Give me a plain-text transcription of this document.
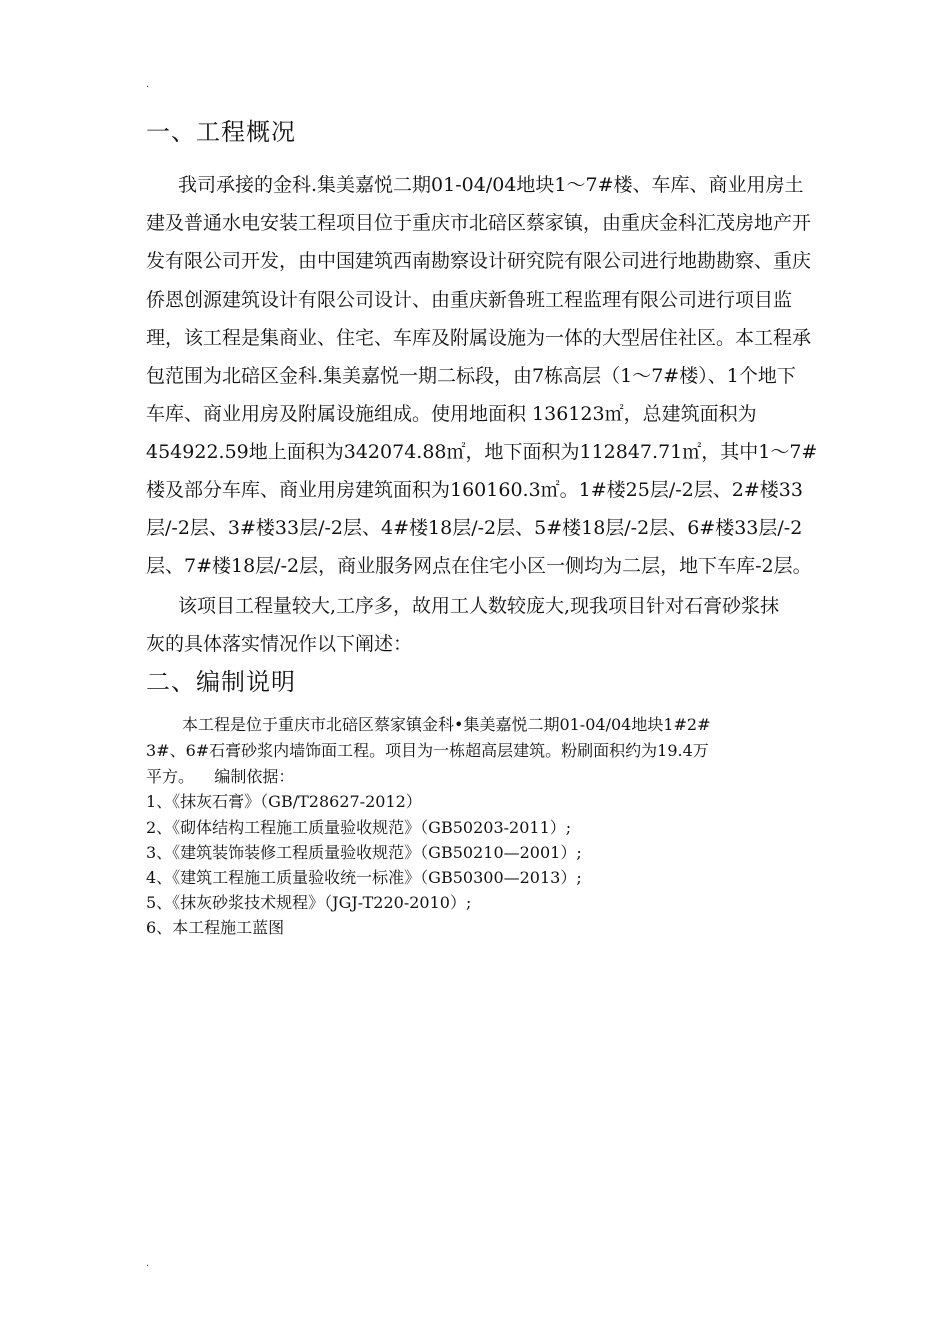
.
一、工程概况
我司承接的金科.集美嘉悦二期01-04/04地块1～7#楼、车库、商业用房土
建及普通水电安装工程项目位于重庆市北碚区蔡家镇，由重庆金科汇茂房地产开
发有限公司开发，由中国建筑西南勘察设计研究院有限公司进行地勘勘察、重庆
侨恩创源建筑设计有限公司设计、由重庆新鲁班工程监理有限公司进行项目监
理，该工程是集商业、住宅、车库及附属设施为一体的大型居住社区。本工程承
包范围为北碚区金科.集美嘉悦一期二标段，由7栋高层（1～7#楼）、1个地下
车库、商业用房及附属设施组成。使用地面积 136123㎡，总建筑面积为
454922.59地上面积为342074.88㎡，地下面积为112847.71㎡，其中1～7#
楼及部分车库、商业用房建筑面积为160160.3㎡。1#楼25层/-2层、2#楼33
层/-2层、3#楼33层/-2层、4#楼18层/-2层、5#楼18层/-2层、6#楼33层/-2
层、7#楼18层/-2层，商业服务网点在住宅小区一侧均为二层，地下车库-2层。
该项目工程量较大,工序多，故用工人数较庞大,现我项目针对石膏砂浆抹
灰的具体落实情况作以下阐述：
二、编制说明
本工程是位于重庆市北碚区蔡家镇金科•集美嘉悦二期01-04/04地块1#2#
3#、6#石膏砂浆内墙饰面工程。项目为一栋超高层建筑。粉刷面积约为19.4万
平方。    编制依据：
1、《抹灰石膏》（GB/T28627-2012）
2、《砌体结构工程施工质量验收规范》（GB50203-2011）;
3、《建筑装饰装修工程质量验收规范》（GB50210—2001）;
4、《建筑工程施工质量验收统一标准》（GB50300—2013）;
5、《抹灰砂浆技术规程》（JGJ-T220-2010）;
6、本工程施工蓝图
.
